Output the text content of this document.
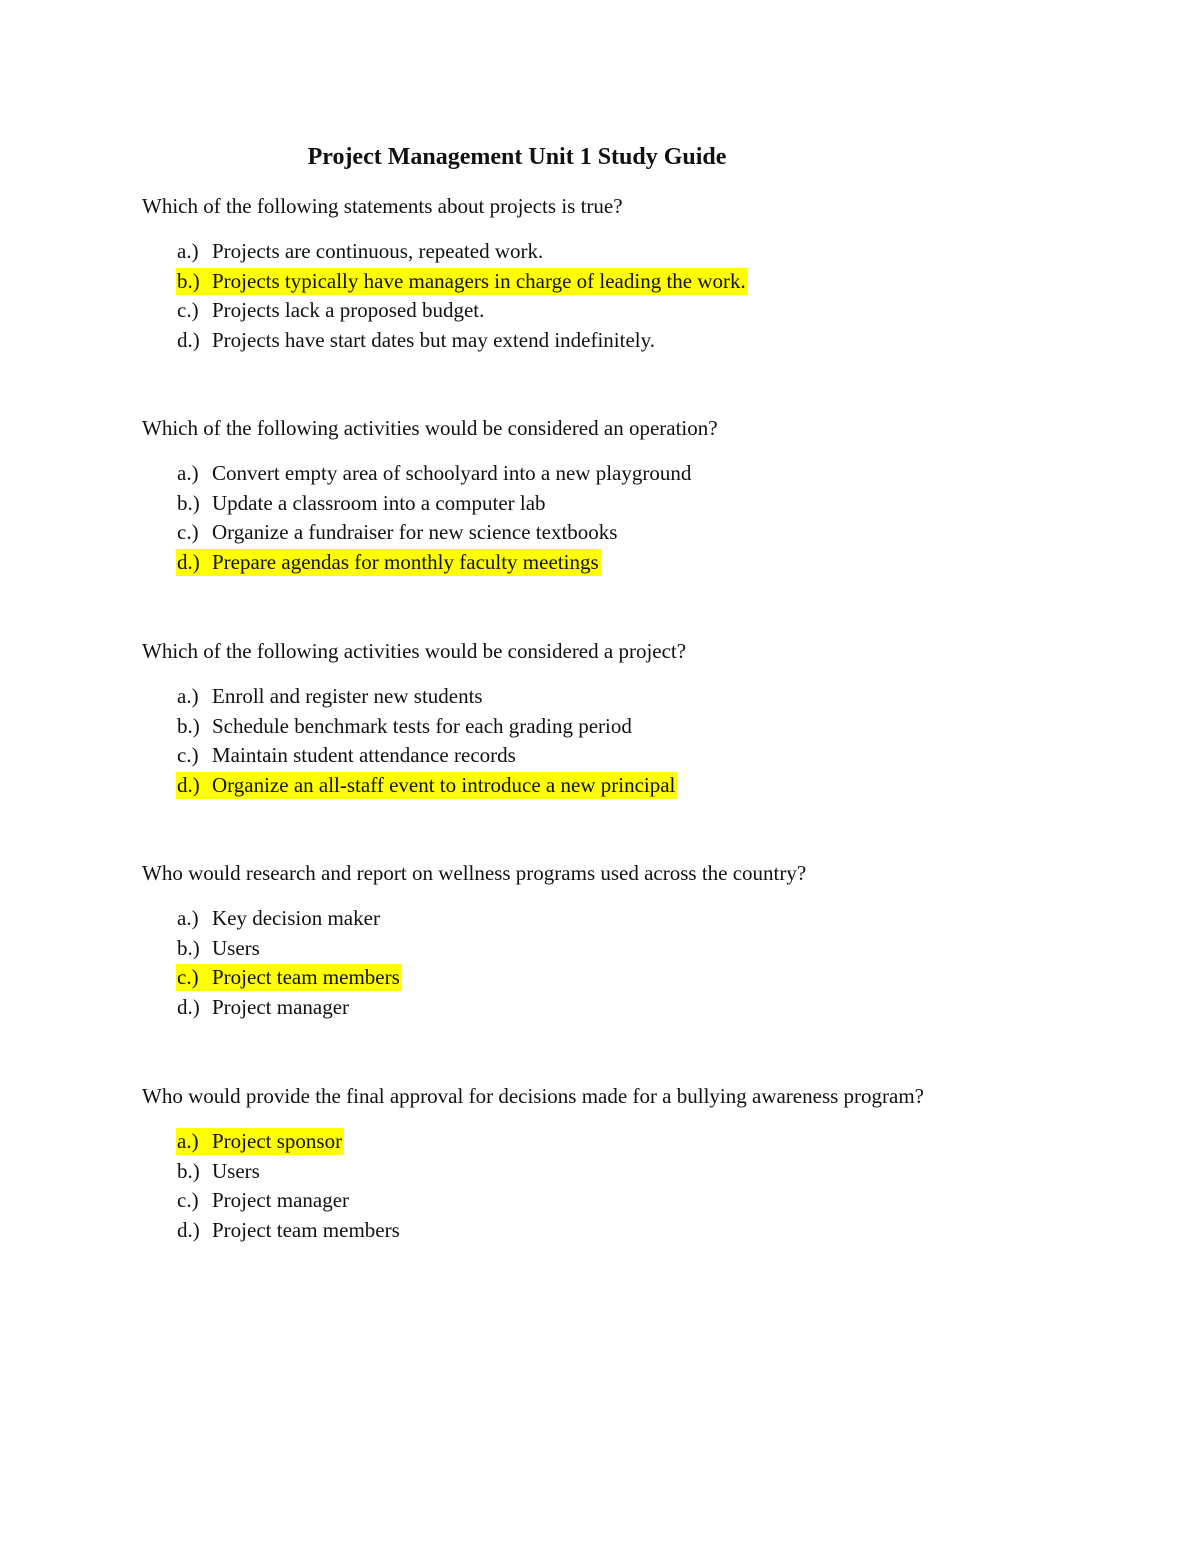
Project Management Unit 1 Study Guide

Which of the following statements about projects is true?

a.) Projects are continuous, repeated work.
b.) Projects typically have managers in charge of leading the work.
c.) Projects lack a proposed budget.
d.) Projects have start dates but may extend indefinitely.

Which of the following activities would be considered an operation?

a.) Convert empty area of schoolyard into a new playground
b.) Update a classroom into a computer lab
c.) Organize a fundraiser for new science textbooks
d.) Prepare agendas for monthly faculty meetings

Which of the following activities would be considered a project?

a.) Enroll and register new students
b.) Schedule benchmark tests for each grading period
c.) Maintain student attendance records
d.) Organize an all-staff event to introduce a new principal

Who would research and report on wellness programs used across the country?

a.) Key decision maker
b.) Users
c.) Project team members
d.) Project manager

Who would provide the final approval for decisions made for a bullying awareness program?

a.) Project sponsor
b.) Users
c.) Project manager
d.) Project team members
